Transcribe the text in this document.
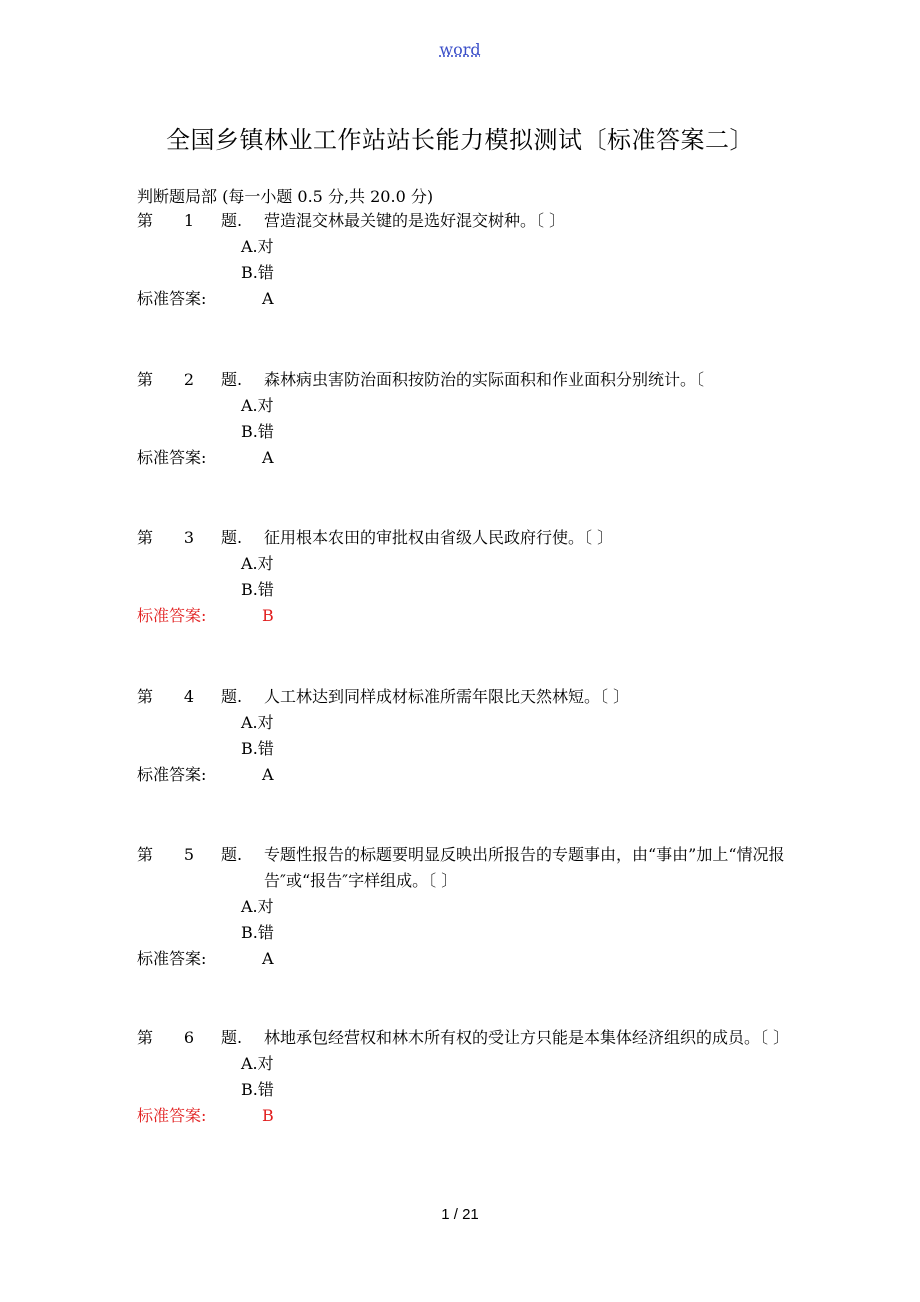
word
全国乡镇林业工作站站长能力模拟测试〔标准答案二〕
判断题局部 (每一小题 0.5 分,共 20.0 分)
第 1 题. 营造混交林最关键的是选好混交树种。〔 〕
A.对
B.错
标准答案:	A
第 2 题. 森林病虫害防治面积按防治的实际面积和作业面积分别统计。〔
A.对
B.错
标准答案:	A
第 3 题. 征用根本农田的审批权由省级人民政府行使。〔 〕
A.对
B.错
标准答案:	B
第 4 题. 人工林达到同样成材标准所需年限比天然林短。〔 〕
A.对
B.错
标准答案:	A
第 5 题. 专题性报告的标题要明显反映出所报告的专题事由，由“事由”加上“情况报告″或“报告″字样组成。〔 〕
A.对
B.错
标准答案:	A
第 6 题. 林地承包经营权和林木所有权的受让方只能是本集体经济组织的成员。〔 〕
A.对
B.错
标准答案:	B
1 / 21
